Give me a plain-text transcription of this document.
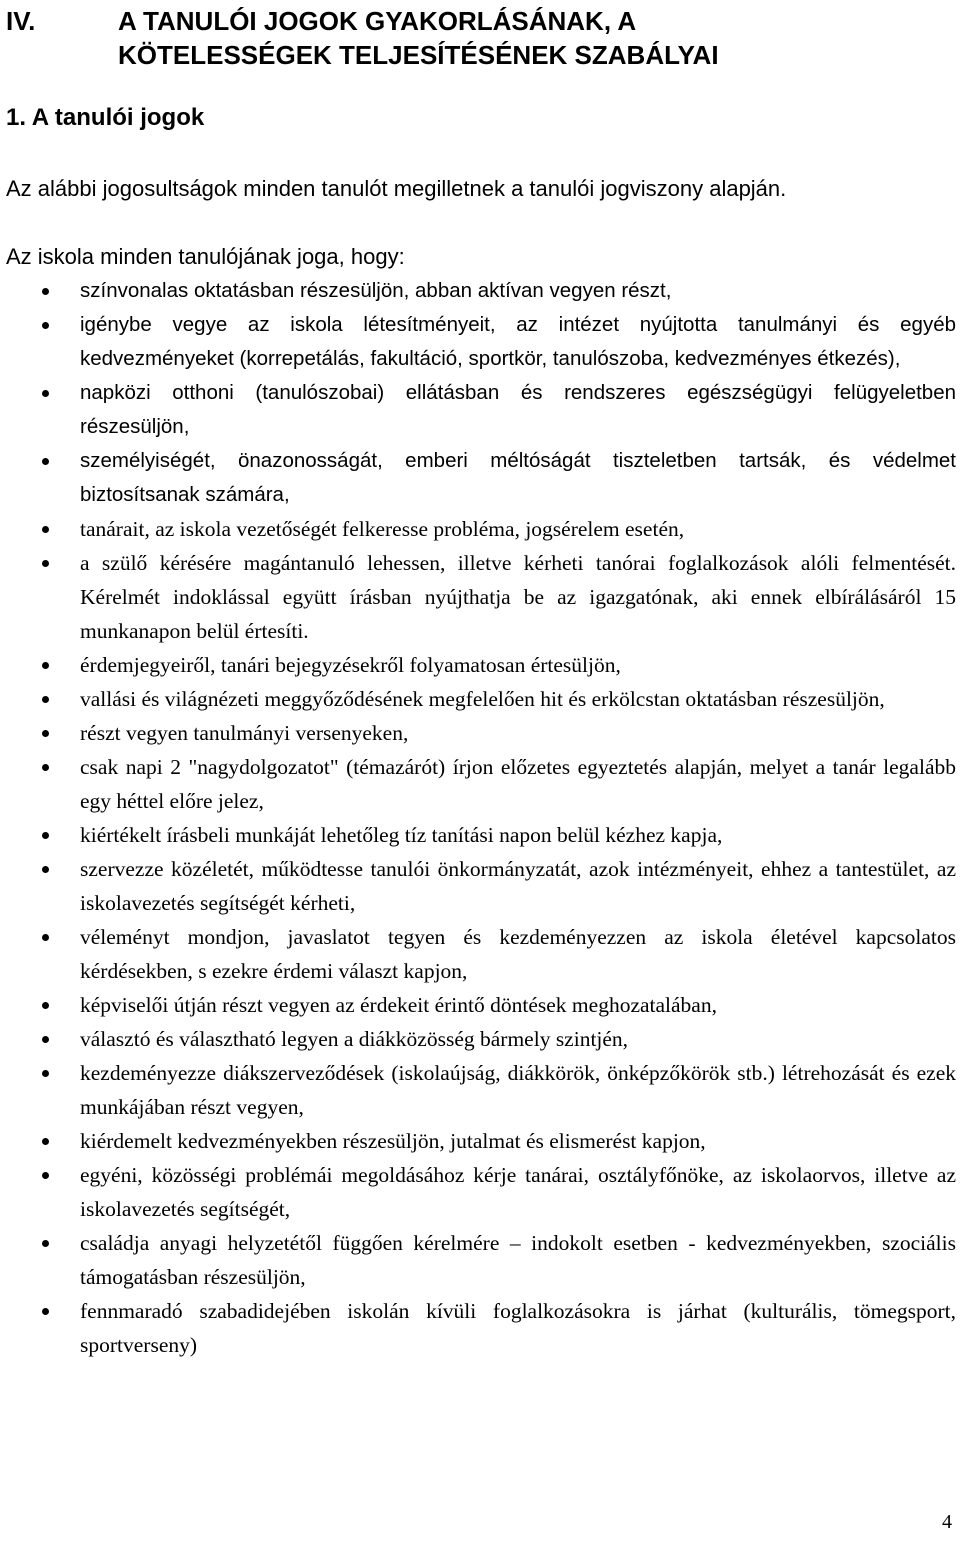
IV.	A TANULÓI JOGOK GYAKORLÁSÁNAK, A
KÖTELESSÉGEK TELJESÍTÉSÉNEK SZABÁLYAI
1. A tanulói jogok
Az alábbi jogosultságok minden tanulót megilletnek a tanulói jogviszony alapján.
Az iskola minden tanulójának joga, hogy:
színvonalas oktatásban részesüljön, abban aktívan vegyen részt,
igénybe vegye az iskola létesítményeit, az intézet nyújtotta tanulmányi és egyéb kedvezményeket (korrepetálás, fakultáció, sportkör, tanulószoba, kedvezményes étkezés),
napközi otthoni (tanulószobai) ellátásban és rendszeres egészségügyi felügyeletben részesüljön,
személyiségét, önazonosságát, emberi méltóságát tiszteletben tartsák, és védelmet biztosítsanak számára,
tanárait, az iskola vezetőségét felkeresse probléma, jogsérelem esetén,
a szülő kérésére magántanuló lehessen, illetve kérheti tanórai foglalkozások alóli felmentését. Kérelmét indoklással együtt írásban nyújthatja be az igazgatónak, aki ennek elbírálásáról 15 munkanapon belül értesíti.
érdemjegyeiről, tanári bejegyzésekről folyamatosan értesüljön,
vallási és világnézeti meggyőződésének megfelelően hit és erkölcstan oktatásban részesüljön,
részt vegyen tanulmányi versenyeken,
csak napi 2 "nagydolgozatot" (témazárót) írjon előzetes egyeztetés alapján, melyet a tanár legalább egy héttel előre jelez,
kiértékelt írásbeli munkáját lehetőleg tíz tanítási napon belül kézhez kapja,
szervezze közéletét, működtesse tanulói önkormányzatát, azok intézményeit, ehhez a tantestület, az iskolavezetés segítségét kérheti,
véleményt mondjon, javaslatot tegyen és kezdeményezzen az iskola életével kapcsolatos kérdésekben, s ezekre érdemi választ kapjon,
képviselői útján részt vegyen az érdekeit érintő döntések meghozatalában,
választó és választható legyen a diákközösség bármely szintjén,
kezdeményezze diákszerveződések (iskolaújság, diákkörök, önképzőkörök stb.) létrehozását és ezek munkájában részt vegyen,
kiérdemelt kedvezményekben részesüljön, jutalmat és elismerést kapjon,
egyéni, közösségi problémái megoldásához kérje tanárai, osztályfőnöke, az iskolaorvos, illetve az iskolavezetés segítségét,
családja anyagi helyzetétől függően kérelmére – indokolt esetben - kedvezményekben, szociális támogatásban részesüljön,
fennmaradó szabadidejében iskolán kívüli foglalkozásokra is járhat (kulturális, tömegsport, sportverseny)
4
